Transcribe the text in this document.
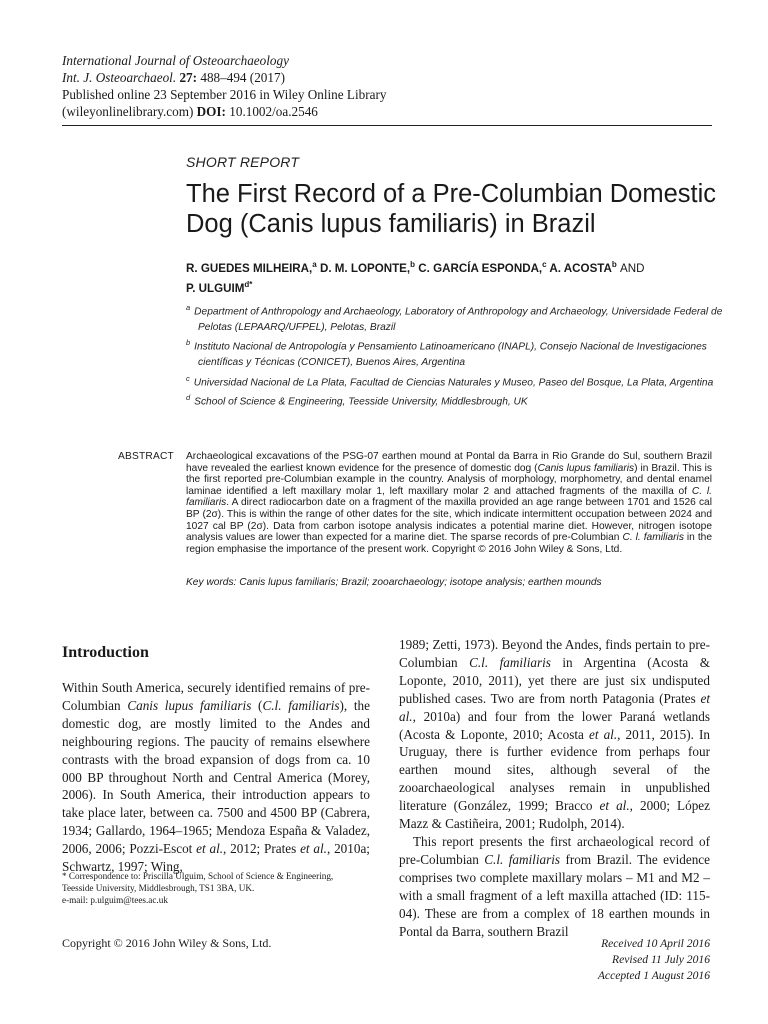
International Journal of Osteoarchaeology
Int. J. Osteoarchaeol. 27: 488–494 (2017)
Published online 23 September 2016 in Wiley Online Library
(wileyonlinelibrary.com) DOI: 10.1002/oa.2546
SHORT REPORT
The First Record of a Pre-Columbian Domestic Dog (Canis lupus familiaris) in Brazil
R. GUEDES MILHEIRA,$^a$ D. M. LOPONTE,$^b$ C. GARCÍA ESPONDA,$^c$ A. ACOSTA$^b$ AND
P. $ULGUIM^{d*}$
$^a$ Department of Anthropology and Archaeology, Laboratory of Anthropology and Archaeology, Universidade Federal de Pelotas (LEPAARQ/UFPEL), Pelotas, Brazil
$^b$ Instituto Nacional de Antropología y Pensamiento Latinoamericano (INAPL), Consejo Nacional de Investigaciones científicas y Técnicas (CONICET), Buenos Aires, Argentina
$^c$ Universidad Nacional de La Plata, Facultad de Ciencias Naturales y Museo, Paseo del Bosque, La Plata, Argentina
$^d$ School of Science & Engineering, Teesside University, Middlesbrough, UK
ABSTRACT Archaeological excavations of the PSG-07 earthen mound at Pontal da Barra in Rio Grande do Sul, southern Brazil have revealed the earliest known evidence for the presence of domestic dog (Canis lupus familiaris) in Brazil. This is the first reported pre-Columbian example in the country. Analysis of morphology, morphometry, and dental enamel laminae identified a left maxillary molar 1, left maxillary molar 2 and attached fragments of the maxilla of C. l. familiaris. A direct radiocarbon date on a fragment of the maxilla provided an age range between 1701 and 1526 cal BP (2σ). This is within the range of other dates for the site, which indicate intermittent occupation between 2024 and 1027 cal BP (2σ). Data from carbon isotope analysis indicates a potential marine diet. However, nitrogen isotope analysis values are lower than expected for a marine diet. The sparse records of pre-Columbian C. l. familiaris in the region emphasise the importance of the present work. Copyright © 2016 John Wiley & Sons, Ltd.
Key words: Canis lupus familiaris; Brazil; zooarchaeology; isotope analysis; earthen mounds
Introduction

Within South America, securely identified remains of pre-Columbian Canis lupus familiaris (C.l. familiaris), the domestic dog, are mostly limited to the Andes and neighbouring regions. The paucity of remains elsewhere contrasts with the broad expansion of dogs from ca. 10 000 BP throughout North and Central America (Morey, 2006). In South America, their introduction appears to take place later, between ca. 7500 and 4500 BP (Cabrera, 1934; Gallardo, 1964–1965; Mendoza España & Valadez, 2006, 2006; Pozzi-Escot et al., 2012; Prates et al., 2010a; Schwartz, 1997; Wing,

1989; Zetti, 1973). Beyond the Andes, finds pertain to pre-Columbian C.l. familiaris in Argentina (Acosta & Loponte, 2010, 2011), yet there are just six undisputed published cases. Two are from north Patagonia (Prates et al., 2010a) and four from the lower Paraná wetlands (Acosta & Loponte, 2010; Acosta et al., 2011, 2015). In Uruguay, there is further evidence from perhaps four earthen mound sites, although several of the zooarchaeological analyses remain in unpublished literature (González, 1999; Bracco et al., 2000; López Mazz & Castiñeira, 2001; Rudolph, 2014).

This report presents the first archaeological record of pre-Columbian C.l. familiaris from Brazil. The evidence comprises two complete maxillary molars – M1 and M2 – with a small fragment of a left maxilla attached (ID: 115-04). These are from a complex of 18 earthen mounds in Pontal da Barra, southern Brazil

* Correspondence to: Priscilla Ulguim, School of Science & Engineering, Teesside University, Middlesbrough, TS1 3BA, UK.
e-mail: p.ulguim@tees.ac.uk
Copyright © 2016 John Wiley & Sons, Ltd.	Received 10 April 2016
Revised 11 July 2016
Accepted 1 August 2016
